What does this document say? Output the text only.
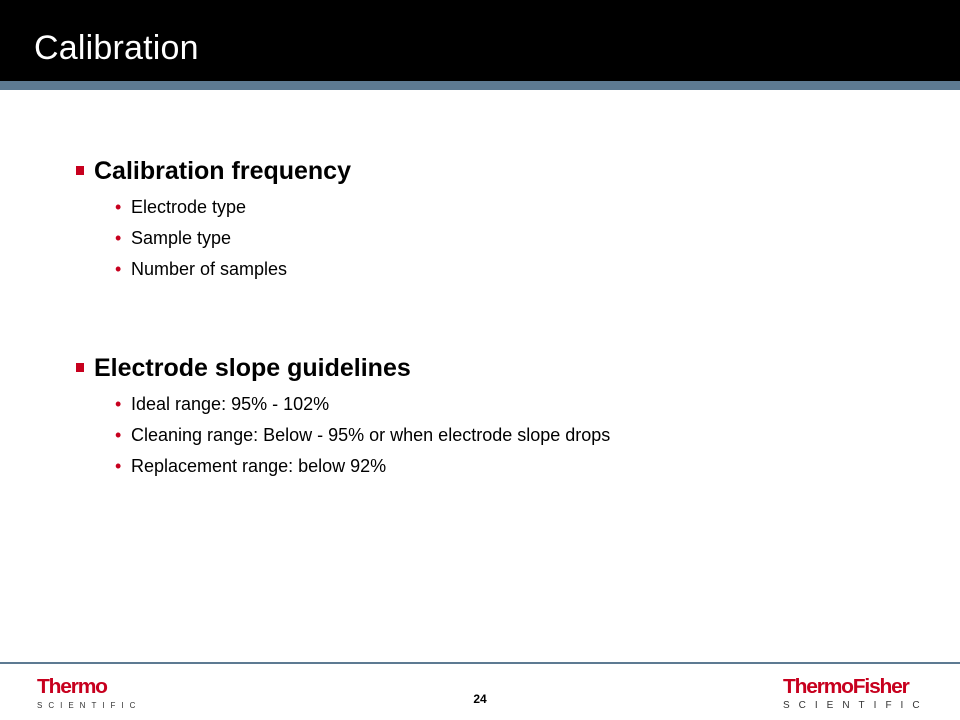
Calibration
Calibration frequency
• Electrode type
• Sample type
• Number of samples
Electrode slope guidelines
• Ideal range: 95% - 102%
• Cleaning range: Below - 95% or when electrode slope drops
• Replacement range: below 92%
Thermo
SCIENTIFIC	24
ThermoFisher
SCIENTIFIC
